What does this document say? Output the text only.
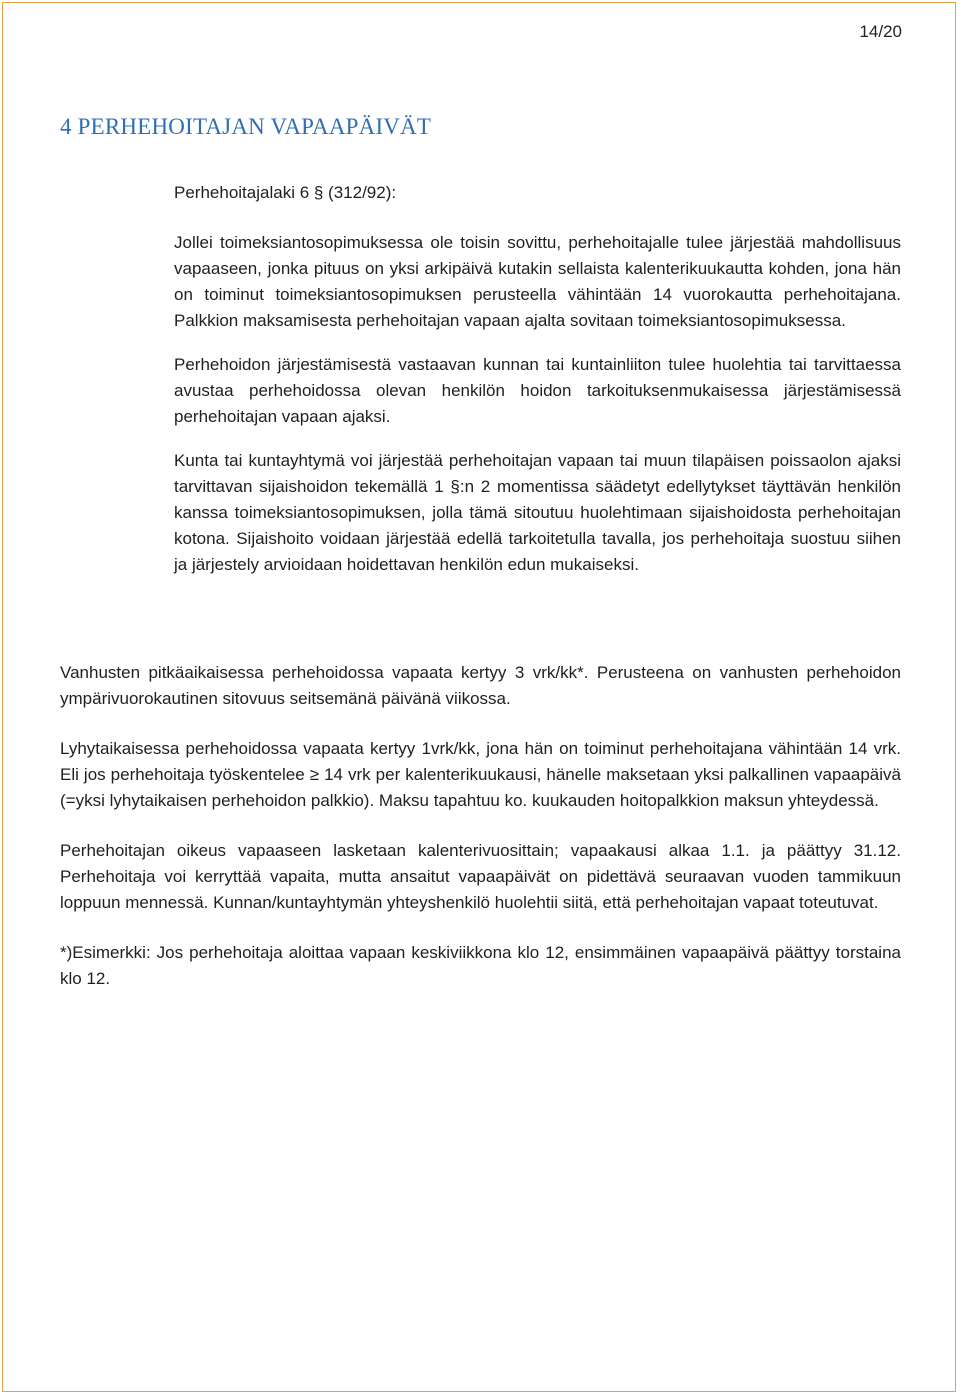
14/20
4 PERHEHOITAJAN VAPAAPÄIVÄT

Perhehoitajalaki 6 § (312/92):

Jollei toimeksiantosopimuksessa ole toisin sovittu, perhehoitajalle tulee järjestää mahdollisuus vapaaseen, jonka pituus on yksi arkipäivä kutakin sellaista kalenterikuukautta kohden, jona hän on toiminut toimeksiantosopimuksen perusteella vähintään 14 vuorokautta perhehoitajana. Palkkion maksamisesta perhehoitajan vapaan ajalta sovitaan toimeksiantosopimuksessa.

Perhehoidon järjestämisestä vastaavan kunnan tai kuntainliiton tulee huolehtia tai tarvittaessa avustaa perhehoidossa olevan henkilön hoidon tarkoituksenmukaisessa järjestämisessä perhehoitajan vapaan ajaksi.

Kunta tai kuntayhtymä voi järjestää perhehoitajan vapaan tai muun tilapäisen poissaolon ajaksi tarvittavan sijaishoidon tekemällä 1 §:n 2 momentissa säädetyt edellytykset täyttävän henkilön kanssa toimeksiantosopimuksen, jolla tämä sitoutuu huolehtimaan sijaishoidosta perhehoitajan kotona. Sijaishoito voidaan järjestää edellä tarkoitetulla tavalla, jos perhehoitaja suostuu siihen ja järjestely arvioidaan hoidettavan henkilön edun mukaiseksi.

Vanhusten pitkäaikaisessa perhehoidossa vapaata kertyy 3 vrk/kk*. Perusteena on vanhusten perhehoidon ympärivuorokautinen sitovuus seitsemänä päivänä viikossa.

Lyhytaikaisessa perhehoidossa vapaata kertyy 1vrk/kk, jona hän on toiminut perhehoitajana vähintään 14 vrk. Eli jos perhehoitaja työskentelee ≥ 14 vrk per kalenterikuukausi, hänelle maksetaan yksi palkallinen vapaapäivä (=yksi lyhytaikaisen perhehoidon palkkio). Maksu tapahtuu ko. kuukauden hoitopalkkion maksun yhteydessä.

Perhehoitajan oikeus vapaaseen lasketaan kalenterivuosittain; vapaakausi alkaa 1.1. ja päättyy 31.12. Perhehoitaja voi kerryttää vapaita, mutta ansaitut vapaapäivät on pidettävä seuraavan vuoden tammikuun loppuun mennessä. Kunnan/kuntayhtymän yhteyshenkilö huolehtii siitä, että perhehoitajan vapaat toteutuvat.

*)Esimerkki: Jos perhehoitaja aloittaa vapaan keskiviikkona klo 12, ensimmäinen vapaapäivä päättyy torstaina klo 12.
